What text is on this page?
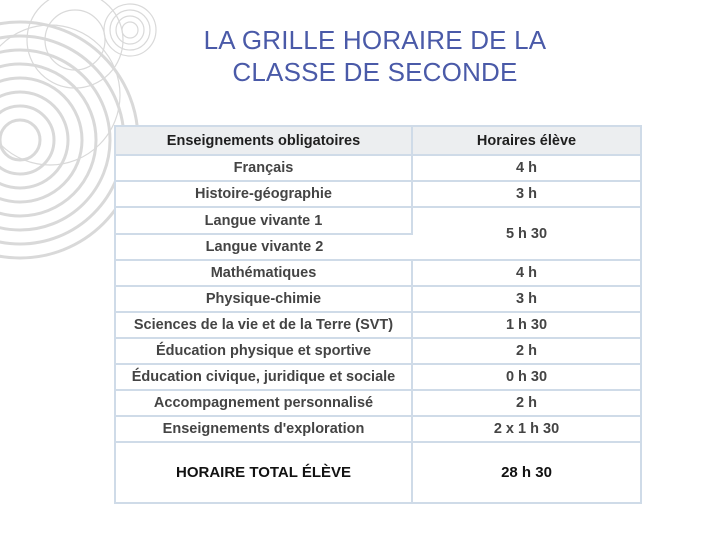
LA GRILLE HORAIRE DE LA
CLASSE DE SECONDE
Enseignements obligatoires	Horaires élève
Français	4 h
Histoire-géographie	3 h
Langue vivante 1	5 h 30
Langue vivante 2	
Mathématiques	4 h
Physique-chimie	3 h
Sciences de la vie et de la Terre (SVT)	1 h 30
Éducation physique et sportive	2 h
Éducation civique, juridique et sociale	0 h 30
Accompagnement personnalisé	2 h
Enseignements d'exploration	2 x 1 h 30
HORAIRE TOTAL ÉLÈVE	28 h 30
